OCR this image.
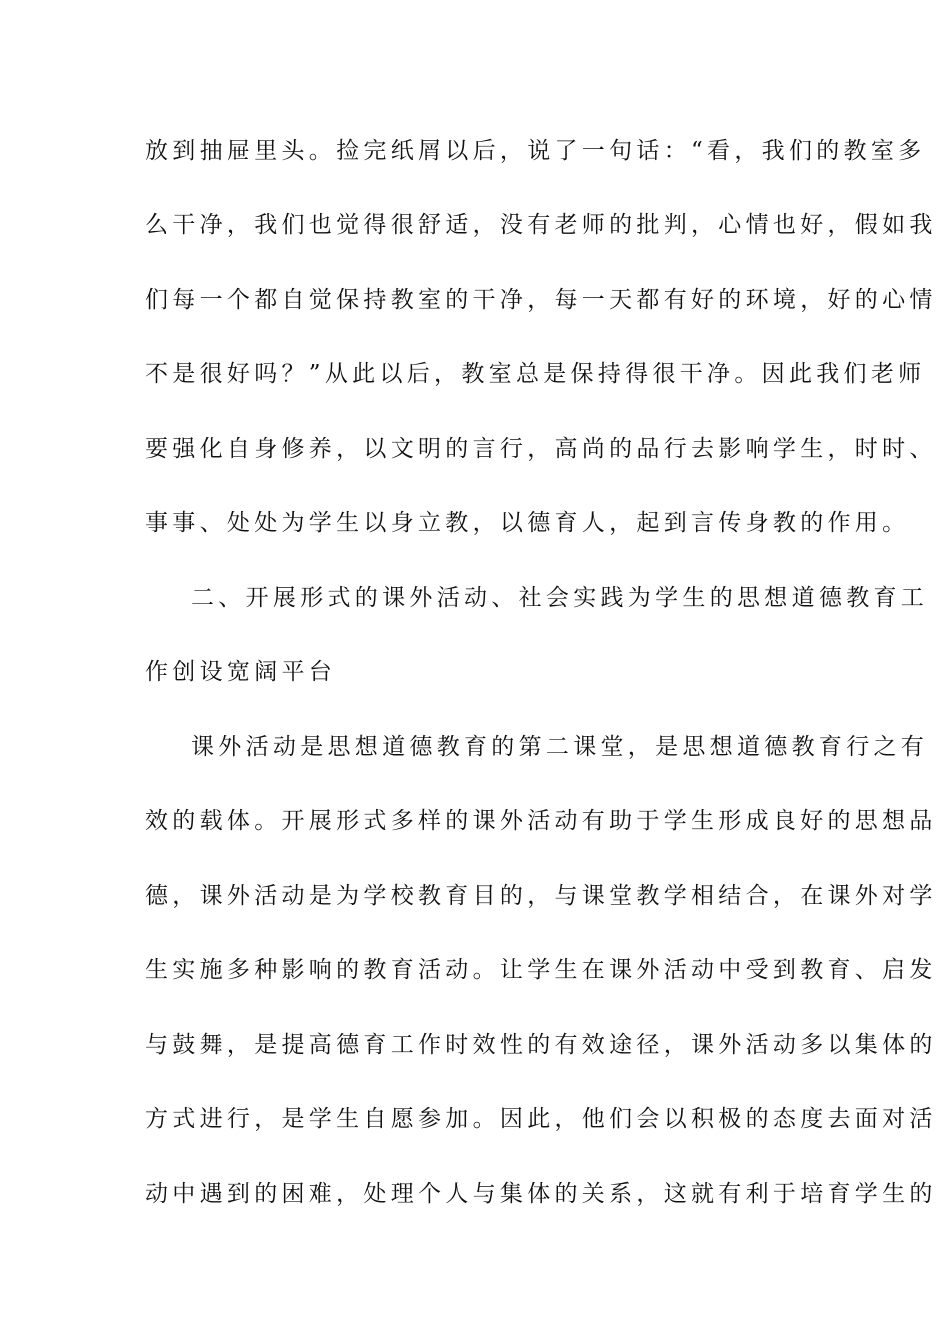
放到抽屉里头。捡完纸屑以后，说了一句话：“看，我们的教室多
么干净，我们也觉得很舒适，没有老师的批判，心情也好，假如我
们每一个都自觉保持教室的干净，每一天都有好的环境，好的心情
不是很好吗？”从此以后，教室总是保持得很干净。因此我们老师
要强化自身修养，以文明的言行，高尚的品行去影响学生，时时、
事事、处处为学生以身立教，以德育人，起到言传身教的作用。
二、开展形式的课外活动、社会实践为学生的思想道德教育工
作创设宽阔平台
课外活动是思想道德教育的第二课堂，是思想道德教育行之有
效的载体。开展形式多样的课外活动有助于学生形成良好的思想品
德，课外活动是为学校教育目的，与课堂教学相结合，在课外对学
生实施多种影响的教育活动。让学生在课外活动中受到教育、启发
与鼓舞，是提高德育工作时效性的有效途径，课外活动多以集体的
方式进行，是学生自愿参加。因此，他们会以积极的态度去面对活
动中遇到的困难，处理个人与集体的关系，这就有利于培育学生的
